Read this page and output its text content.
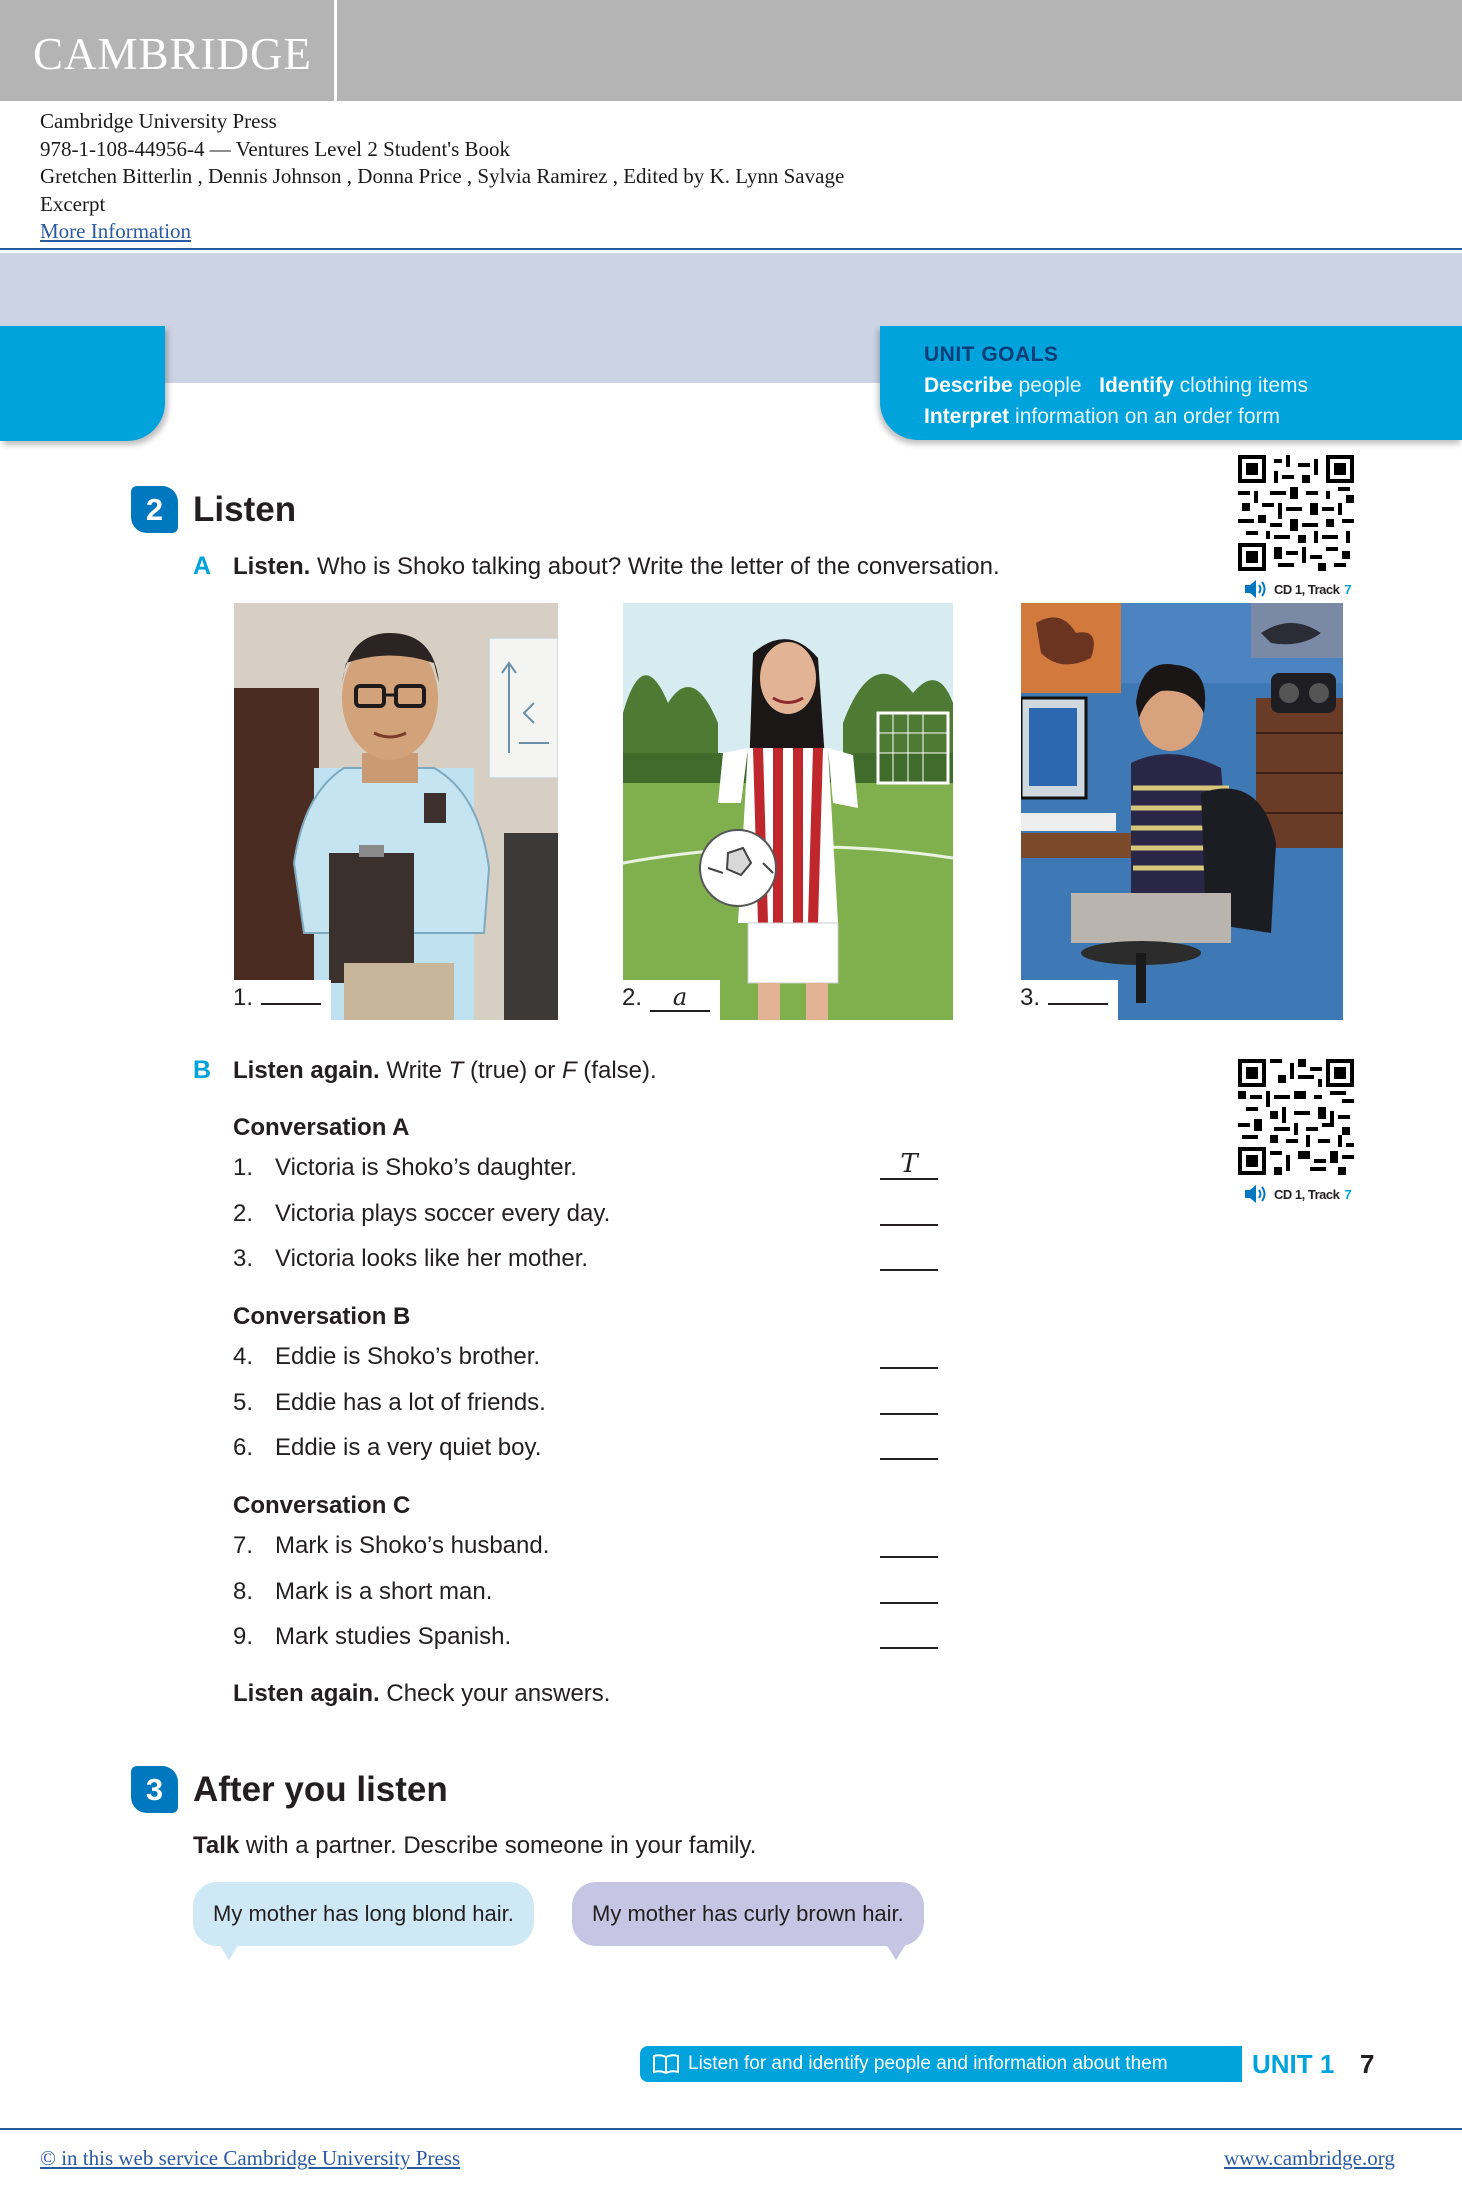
CAMBRIDGE
Cambridge University Press
978-1-108-44956-4 — Ventures Level 2 Student's Book
Gretchen Bitterlin , Dennis Johnson , Donna Price , Sylvia Ramirez , Edited by K. Lynn Savage
Excerpt
More Information
UNIT GOALS
Describe people Identify clothing items
Interpret information on an order form
CD 1, Track 7
2 Listen
A Listen. Who is Shoko talking about? Write the letter of the conversation.
1.	2. a	3.
B Listen again. Write T (true) or F (false).
CD 1, Track 7
Conversation A
1. Victoria is Shoko’s daughter.	T
2. Victoria plays soccer every day.
3. Victoria looks like her mother.
Conversation B
4. Eddie is Shoko’s brother.
5. Eddie has a lot of friends.
6. Eddie is a very quiet boy.
Conversation C
7. Mark is Shoko’s husband.
8. Mark is a short man.
9. Mark studies Spanish.
Listen again. Check your answers.
3 After you listen
Talk with a partner. Describe someone in your family.
My mother has long blond hair.	My mother has curly brown hair.
Listen for and identify people and information about them	UNIT 1 7
© in this web service Cambridge University Press	www.cambridge.org
